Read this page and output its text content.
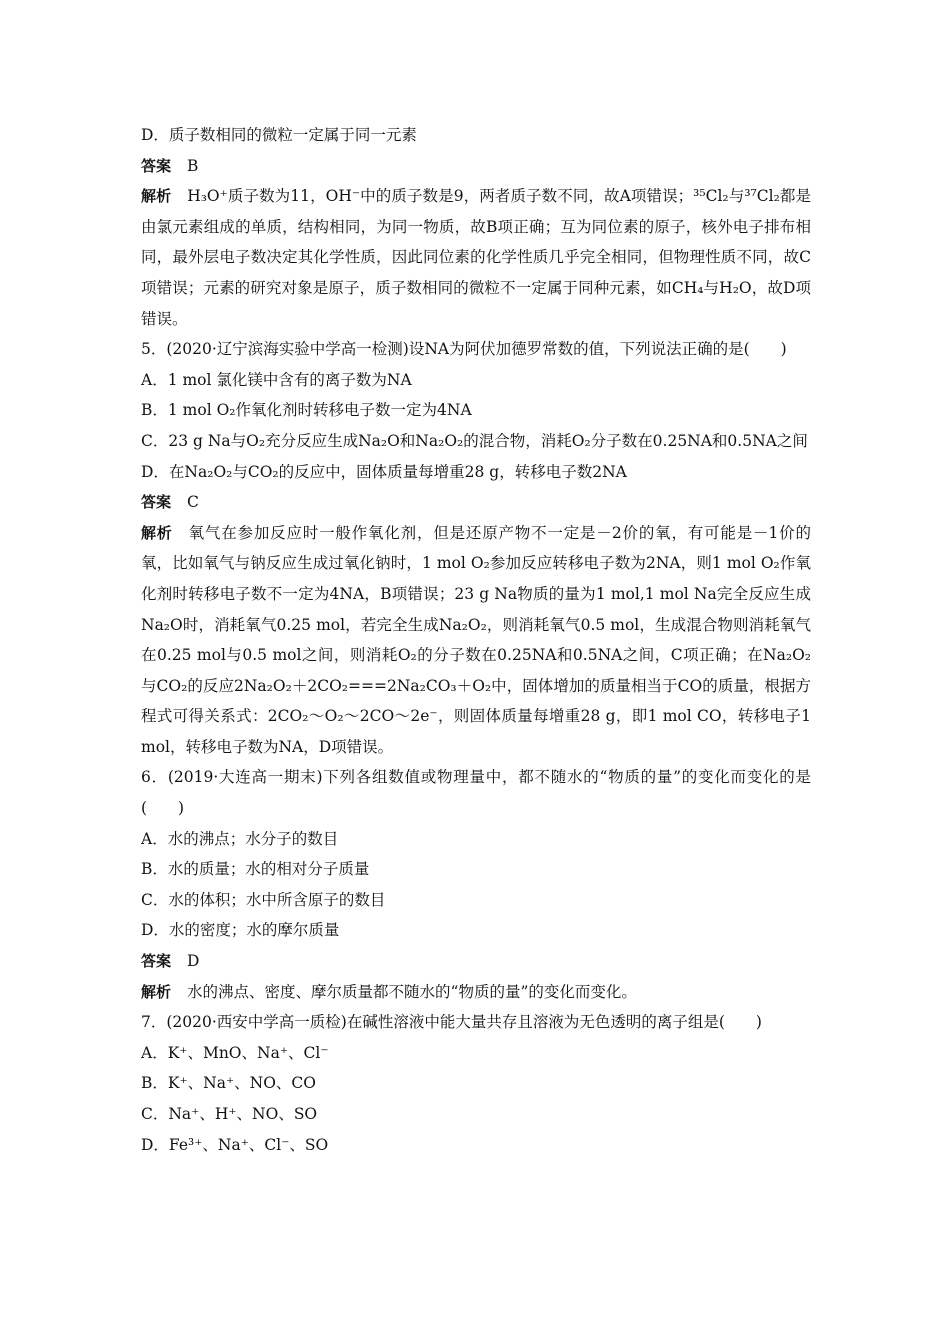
D．质子数相同的微粒一定属于同一元素
答案 B
解析 H₃O⁺质子数为11，OH⁻中的质子数是9，两者质子数不同，故A项错误；³⁵Cl₂与³⁷Cl₂都是由氯元素组成的单质，结构相同，为同一物质，故B项正确；互为同位素的原子，核外电子排布相同，最外层电子数决定其化学性质，因此同位素的化学性质几乎完全相同，但物理性质不同，故C项错误；元素的研究对象是原子，质子数相同的微粒不一定属于同种元素，如CH₄与H₂O，故D项错误。
5．(2020·辽宁滨海实验中学高一检测)设NA为阿伏加德罗常数的值，下列说法正确的是(　　)
A．1 mol 氯化镁中含有的离子数为NA
B．1 mol O₂作氧化剂时转移电子数一定为4NA
C．23 g Na与O₂充分反应生成Na₂O和Na₂O₂的混合物，消耗O₂分子数在0.25NA和0.5NA之间
D．在Na₂O₂与CO₂的反应中，固体质量每增重28 g，转移电子数2NA
答案 C
解析 氧气在参加反应时一般作氧化剂，但是还原产物不一定是－2价的氧，有可能是－1价的氧，比如氧气与钠反应生成过氧化钠时，1 mol O₂参加反应转移电子数为2NA，则1 mol O₂作氧化剂时转移电子数不一定为4NA，B项错误；23 g Na物质的量为1 mol,1 mol Na完全反应生成Na₂O时，消耗氧气0.25 mol，若完全生成Na₂O₂，则消耗氧气0.5 mol，生成混合物则消耗氧气在0.25 mol与0.5 mol之间，则消耗O₂的分子数在0.25NA和0.5NA之间，C项正确；在Na₂O₂与CO₂的反应2Na₂O₂＋2CO₂===2Na₂CO₃＋O₂中，固体增加的质量相当于CO的质量，根据方程式可得关系式：2CO₂～O₂～2CO～2e⁻，则固体质量每增重28 g，即1 mol CO，转移电子1 mol，转移电子数为NA，D项错误。
6．(2019·大连高一期末)下列各组数值或物理量中，都不随水的“物质的量”的变化而变化的是(　　)
A．水的沸点；水分子的数目
B．水的质量；水的相对分子质量
C．水的体积；水中所含原子的数目
D．水的密度；水的摩尔质量
答案 D
解析 水的沸点、密度、摩尔质量都不随水的“物质的量”的变化而变化。
7．(2020·西安中学高一质检)在碱性溶液中能大量共存且溶液为无色透明的离子组是(　　)
A．K⁺、MnO、Na⁺、Cl⁻
B．K⁺、Na⁺、NO、CO
C．Na⁺、H⁺、NO、SO
D．Fe³⁺、Na⁺、Cl⁻、SO
